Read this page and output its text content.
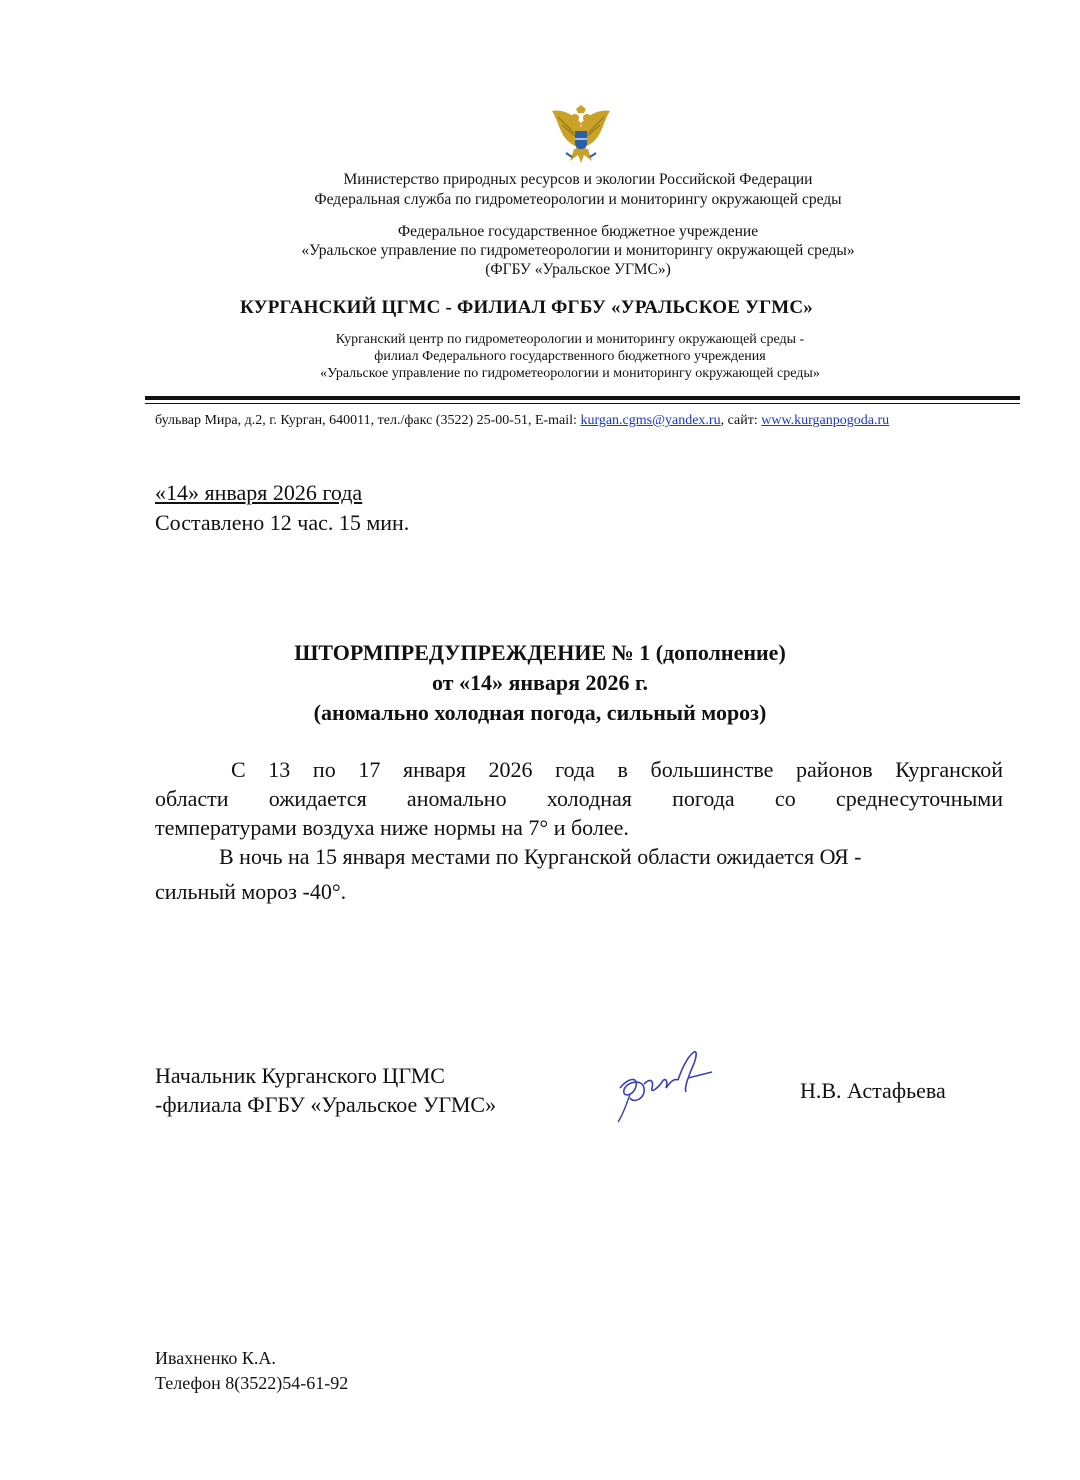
Министерство природных ресурсов и экологии Российской Федерации
Федеральная служба по гидрометеорологии и мониторингу окружающей среды
Федеральное государственное бюджетное учреждение
«Уральское управление по гидрометеорологии и мониторингу окружающей среды»
(ФГБУ «Уральское УГМС»)
КУРГАНСКИЙ ЦГМС - ФИЛИАЛ ФГБУ «УРАЛЬСКОЕ УГМС»
Курганский центр по гидрометеорологии и мониторингу окружающей среды -
филиал Федерального государственного бюджетного учреждения
«Уральское управление по гидрометеорологии и мониторингу окружающей среды»
бульвар Мира, д.2, г. Курган, 640011, тел./факс (3522) 25-00-51, E-mail: kurgan.cgms@yandex.ru, сайт: www.kurganpogoda.ru
«14» января 2026 года
Составлено 12 час. 15 мин.
ШТОРМПРЕДУПРЕЖДЕНИЕ № 1 (дополнение)
от «14» января 2026 г.
(аномально холодная погода, сильный мороз)
С 13 по 17 января 2026 года в большинстве районов Курганской
области ожидается аномально холодная погода со среднесуточными
температурами воздуха ниже нормы на 7° и более.
В ночь на 15 января местами по Курганской области ожидается ОЯ -
сильный мороз -40°.
Начальник Курганского ЦГМС
-филиала ФГБУ «Уральское УГМС»
Н.В. Астафьева
Ивахненко К.А.
Телефон 8(3522)54-61-92
